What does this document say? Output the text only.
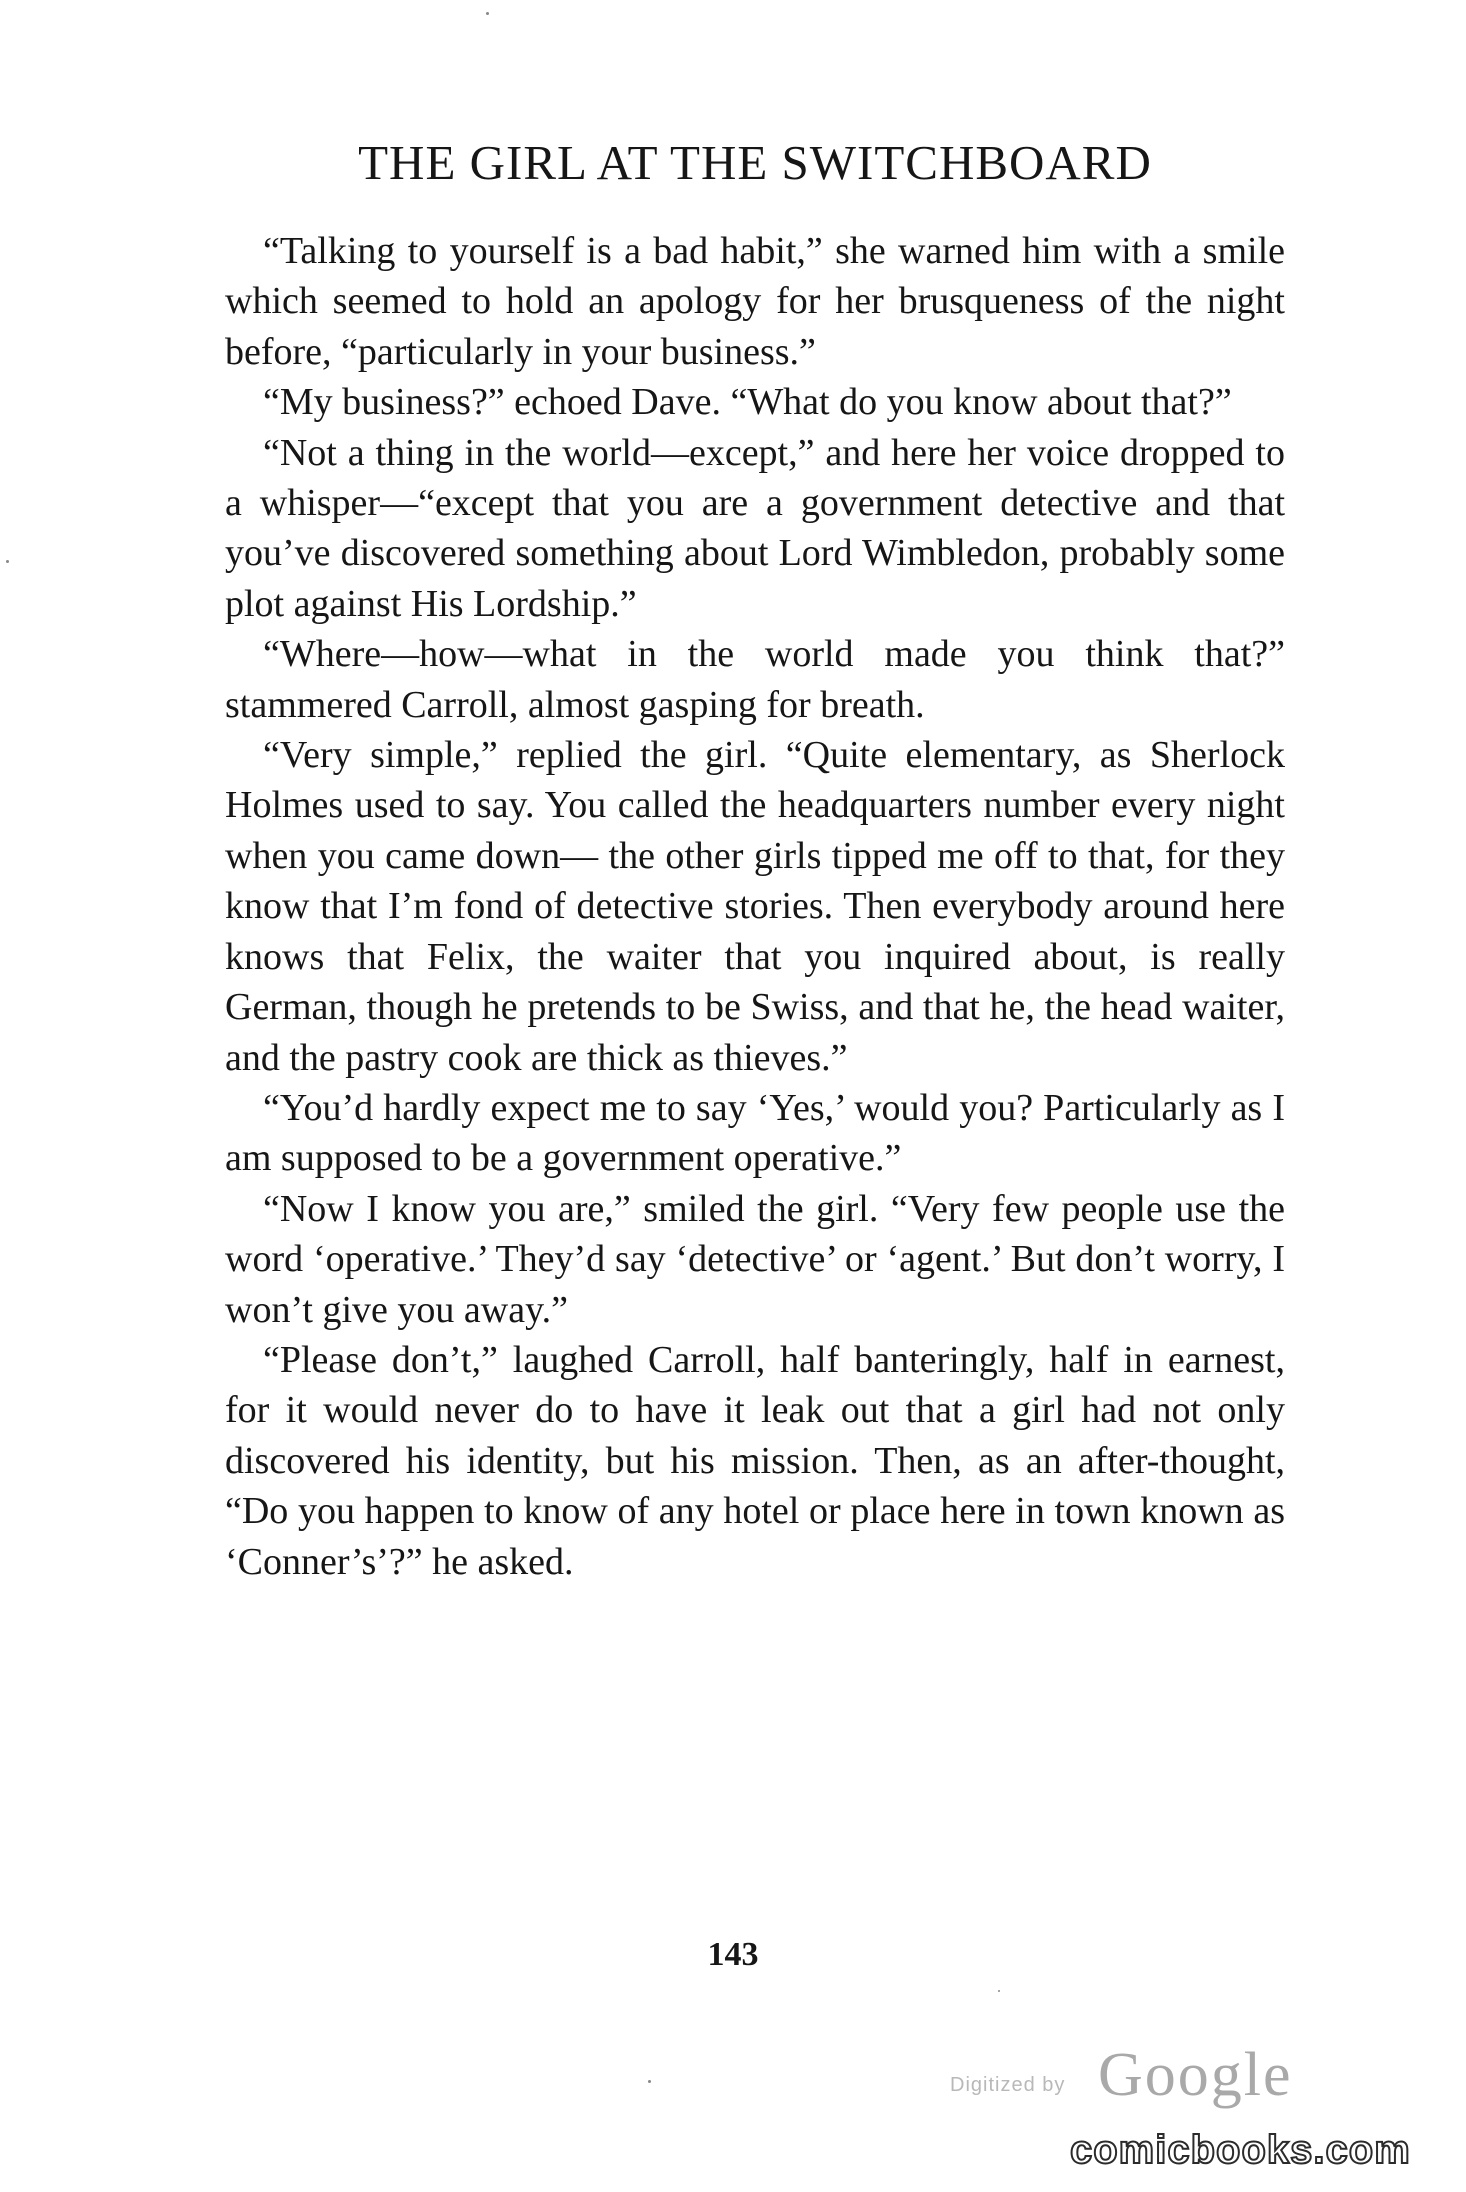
THE GIRL AT THE SWITCHBOARD

“Talking to yourself is a bad habit,” she warned him with a smile which seemed to hold an apology for her brusqueness of the night before, “particularly in your business.”

“My business?” echoed Dave. “What do you know about that?”

“Not a thing in the world—except,” and here her voice dropped to a whisper—“except that you are a government detective and that you’ve discovered something about Lord Wimbledon, probably some plot against His Lordship.”

“Where—how—what in the world made you think that?” stammered Carroll, almost gasping for breath.

“Very simple,” replied the girl. “Quite elementary, as Sherlock Holmes used to say. You called the headquarters number every night when you came down— the other girls tipped me off to that, for they know that I’m fond of detective stories. Then everybody around here knows that Felix, the waiter that you inquired about, is really German, though he pretends to be Swiss, and that he, the head waiter, and the pastry cook are thick as thieves.”

“You’d hardly expect me to say ‘Yes,’ would you? Particularly as I am supposed to be a government operative.”

“Now I know you are,” smiled the girl. “Very few people use the word ‘operative.’ They’d say ‘detective’ or ‘agent.’ But don’t worry, I won’t give you away.”

“Please don’t,” laughed Carroll, half banteringly, half in earnest, for it would never do to have it leak out that a girl had not only discovered his identity, but his mission. Then, as an after-thought, “Do you happen to know of any hotel or place here in town known as ‘Conner’s’?” he asked.

143
Digitized by Google
comicbooks.com
